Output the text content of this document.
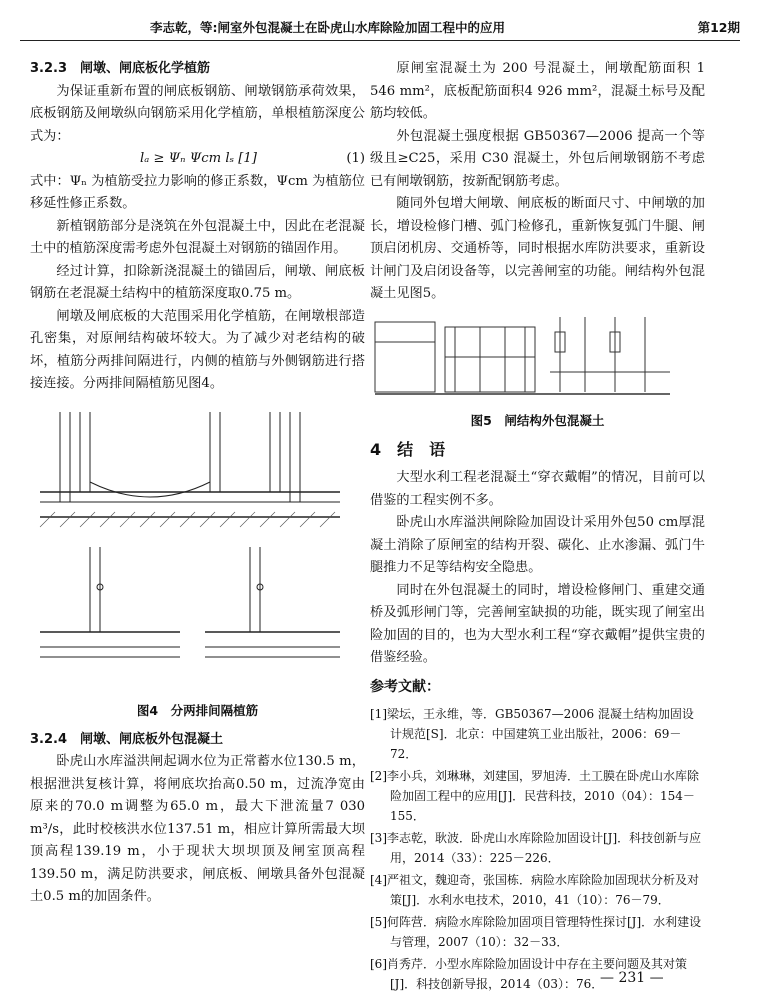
李志乾，等:闸室外包混凝土在卧虎山水库除险加固工程中的应用	第12期
3.2.3　闸墩、闸底板化学植筋

为保证重新布置的闸底板钢筋、闸墩钢筋承荷效果，底板钢筋及闸墩纵向钢筋采用化学植筋，单根植筋深度公式为：

lₐ ≥ Ψₙ Ψcm lₛ [1]	(1)

式中：Ψₙ 为植筋受拉力影响的修正系数，Ψcm 为植筋位移延性修正系数。

新植钢筋部分是浇筑在外包混凝土中，因此在老混凝土中的植筋深度需考虑外包混凝土对钢筋的锚固作用。

经过计算，扣除新浇混凝土的锚固后，闸墩、闸底板钢筋在老混凝土结构中的植筋深度取0.75 m。

闸墩及闸底板的大范围采用化学植筋，在闸墩根部造孔密集，对原闸结构破坏较大。为了减少对老结构的破坏，植筋分两排间隔进行，内侧的植筋与外侧钢筋进行搭接连接。分两排间隔植筋见图4。

图4　分两排间隔植筋
3.2.4　闸墩、闸底板外包混凝土

卧虎山水库溢洪闸起调水位为正常蓄水位130.5 m，根据泄洪复核计算，将闸底坎抬高0.50 m，过流净宽由原来的70.0 m调整为65.0 m，最大下泄流量7 030 m³/s，此时校核洪水位137.51 m，相应计算所需最大坝顶高程139.19 m，小于现状大坝坝顶及闸室顶高程139.50 m，满足防洪要求，闸底板、闸墩具备外包混凝土0.5 m的加固条件。

原闸室混凝土为 200 号混凝土，闸墩配筋面积 1 546 mm²，底板配筋面积4 926 mm²，混凝土标号及配筋均较低。

外包混凝土强度根据 GB50367—2006 提高一个等级且≥C25，采用 C30 混凝土，外包后闸墩钢筋不考虑已有闸墩钢筋，按新配钢筋考虑。

随同外包增大闸墩、闸底板的断面尺寸、中闸墩的加长，增设检修门槽、弧门检修孔，重新恢复弧门牛腿、闸顶启闭机房、交通桥等，同时根据水库防洪要求，重新设计闸门及启闭设备等，以完善闸室的功能。闸结构外包混凝土见图5。

图5　闸结构外包混凝土
4　结　语

大型水利工程老混凝土“穿衣戴帽”的情况，目前可以借鉴的工程实例不多。

卧虎山水库溢洪闸除险加固设计采用外包50 cm厚混凝土消除了原闸室的结构开裂、碳化、止水渗漏、弧门牛腿推力不足等结构安全隐患。

同时在外包混凝土的同时，增设检修闸门、重建交通桥及弧形闸门等，完善闸室缺损的功能，既实现了闸室出险加固的目的，也为大型水利工程“穿衣戴帽”提供宝贵的借鉴经验。

参考文献：
[1]梁坛，王永维，等．GB50367—2006 混凝土结构加固设计规范[S]．北京：中国建筑工业出版社，2006：69－72．
[2]李小兵，刘琳琳，刘建国，罗旭涛．土工膜在卧虎山水库除险加固工程中的应用[J]．民营科技，2010（04）：154－155．
[3]李志乾，耿波．卧虎山水库除险加固设计[J]．科技创新与应用，2014（33）：225－226．
[4]严祖文，魏迎奇，张国栋．病险水库除险加固现状分析及对策[J]．水利水电技术，2010，41（10）：76－79．
[5]何阵营．病险水库除险加固项目管理特性探讨[J]．水利建设与管理，2007（10）：32－33．
[6]肖秀芹．小型水库除险加固设计中存在主要问题及其对策[J]．科技创新导报，2014（03）：76．
— 231 —
